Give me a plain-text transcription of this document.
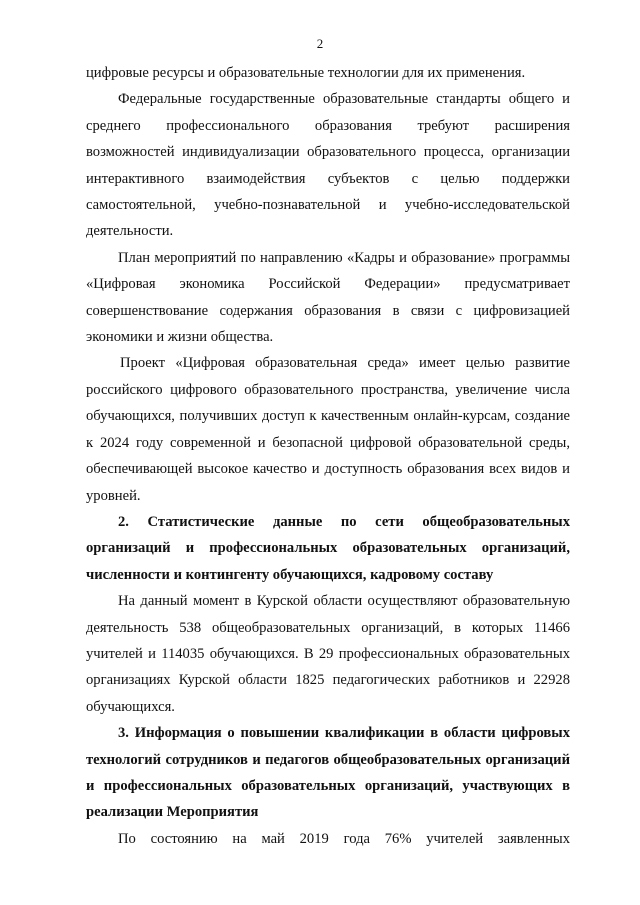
2

цифровые ресурсы и образовательные технологии для их применения.

Федеральные государственные образовательные стандарты общего и среднего профессионального образования требуют расширения возможностей индивидуализации образовательного процесса, организации интерактивного взаимодействия субъектов с целью поддержки самостоятельной, учебно-познавательной и учебно-исследовательской деятельности.

План мероприятий по направлению «Кадры и образование» программы «Цифровая экономика Российской Федерации» предусматривает совершенствование содержания образования в связи с цифровизацией экономики и жизни общества.

Проект «Цифровая образовательная среда» имеет целью развитие российского цифрового образовательного пространства, увеличение числа обучающихся, получивших доступ к качественным онлайн-курсам, создание к 2024 году современной и безопасной цифровой образовательной среды, обеспечивающей высокое качество и доступность образования всех видов и уровней.

2. Статистические данные по сети общеобразовательных организаций и профессиональных образовательных организаций, численности и контингенту обучающихся, кадровому составу

На данный момент в Курской области осуществляют образовательную деятельность 538 общеобразовательных организаций, в которых 11466 учителей и 114035 обучающихся. В 29 профессиональных образовательных организациях Курской области 1825 педагогических работников и 22928 обучающихся.

3. Информация о повышении квалификации в области цифровых технологий сотрудников и педагогов общеобразовательных организаций и профессиональных образовательных организаций, участвующих в реализации Мероприятия

По состоянию на май 2019 года 76% учителей заявленных
